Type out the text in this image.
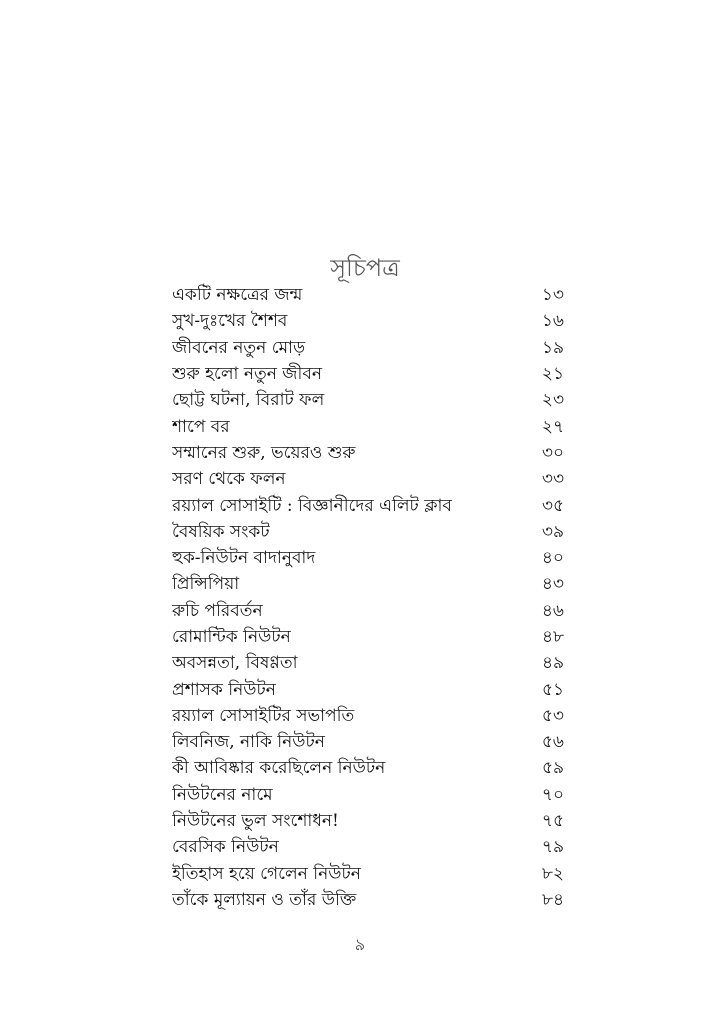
সূচিপত্র
একটি নক্ষত্রের জন্ম	১৩
সুখ-দুঃখের শৈশব	১৬
জীবনের নতুন মোড়	১৯
শুরু হলো নতুন জীবন	২১
ছোট্ট ঘটনা, বিরাট ফল	২৩
শাপে বর	২৭
সম্মানের শুরু, ভয়েরও শুরু	৩০
সরণ থেকে ফলন	৩৩
রয়্যাল সোসাইটি : বিজ্ঞানীদের এলিট ক্লাব	৩৫
বৈষয়িক সংকট	৩৯
হুক-নিউটন বাদানুবাদ	৪০
প্রিন্সিপিয়া	৪৩
রুচি পরিবর্তন	৪৬
রোমান্টিক নিউটন	৪৮
অবসন্নতা, বিষণ্ণতা	৪৯
প্রশাসক নিউটন	৫১
রয়্যাল সোসাইটির সভাপতি	৫৩
লিবনিজ, নাকি নিউটন	৫৬
কী আবিষ্কার করেছিলেন নিউটন	৫৯
নিউটনের নামে	৭০
নিউটনের ভুল সংশোধন!	৭৫
বেরসিক নিউটন	৭৯
ইতিহাস হয়ে গেলেন নিউটন	৮২
তাঁকে মূল্যায়ন ও তাঁর উক্তি	৮৪
৯
